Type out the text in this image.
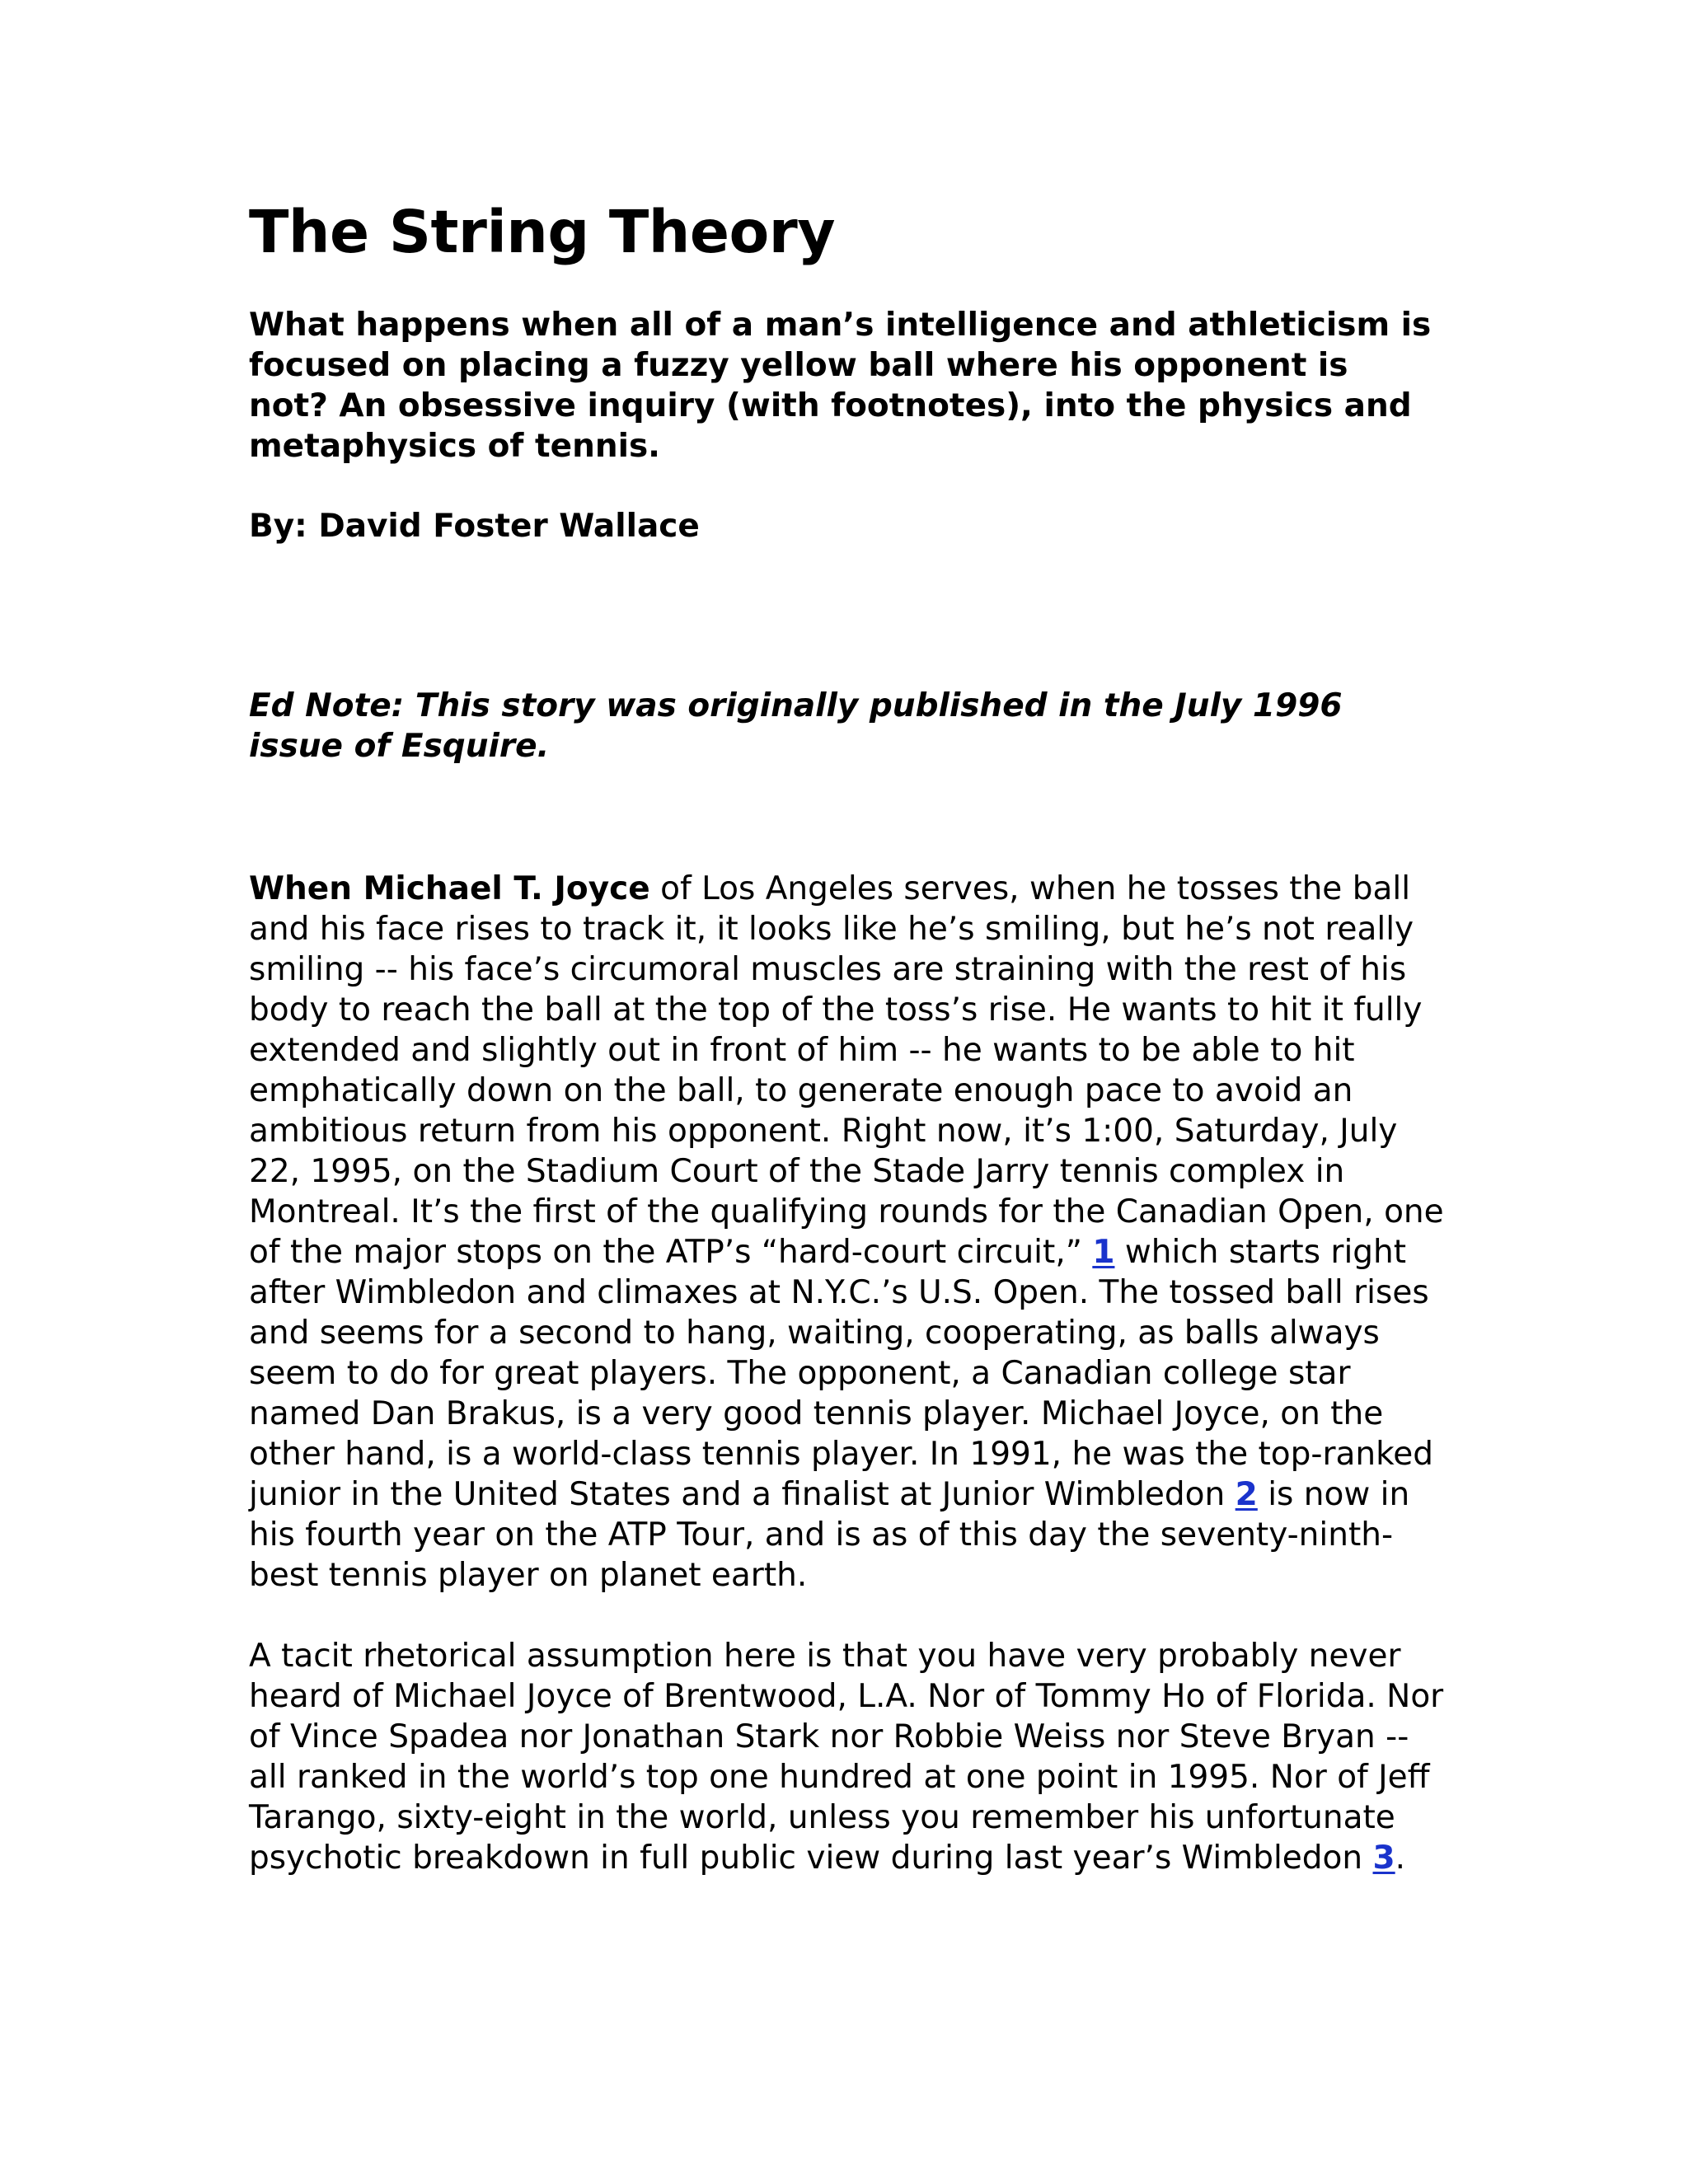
The String Theory

What happens when all of a man’s intelligence and athleticism is focused on placing a fuzzy yellow ball where his opponent is not? An obsessive inquiry (with footnotes), into the physics and metaphysics of tennis.

By: David Foster Wallace

Ed Note: This story was originally published in the July 1996 issue of Esquire.

When Michael T. Joyce of Los Angeles serves, when he tosses the ball and his face rises to track it, it looks like he’s smiling, but he’s not really smiling -- his face’s circumoral muscles are straining with the rest of his body to reach the ball at the top of the toss’s rise. He wants to hit it fully extended and slightly out in front of him -- he wants to be able to hit emphatically down on the ball, to generate enough pace to avoid an ambitious return from his opponent. Right now, it’s 1:00, Saturday, July 22, 1995, on the Stadium Court of the Stade Jarry tennis complex in Montreal. It’s the first of the qualifying rounds for the Canadian Open, one of the major stops on the ATP’s “hard-court circuit,” 1 which starts right after Wimbledon and climaxes at N.Y.C.’s U.S. Open. The tossed ball rises and seems for a second to hang, waiting, cooperating, as balls always seem to do for great players. The opponent, a Canadian college star named Dan Brakus, is a very good tennis player. Michael Joyce, on the other hand, is a world-class tennis player. In 1991, he was the top-ranked junior in the United States and a finalist at Junior Wimbledon 2 is now in his fourth year on the ATP Tour, and is as of this day the seventy-ninth-best tennis player on planet earth.

A tacit rhetorical assumption here is that you have very probably never heard of Michael Joyce of Brentwood, L.A. Nor of Tommy Ho of Florida. Nor of Vince Spadea nor Jonathan Stark nor Robbie Weiss nor Steve Bryan -- all ranked in the world’s top one hundred at one point in 1995. Nor of Jeff Tarango, sixty-eight in the world, unless you remember his unfortunate psychotic breakdown in full public view during last year’s Wimbledon 3.
